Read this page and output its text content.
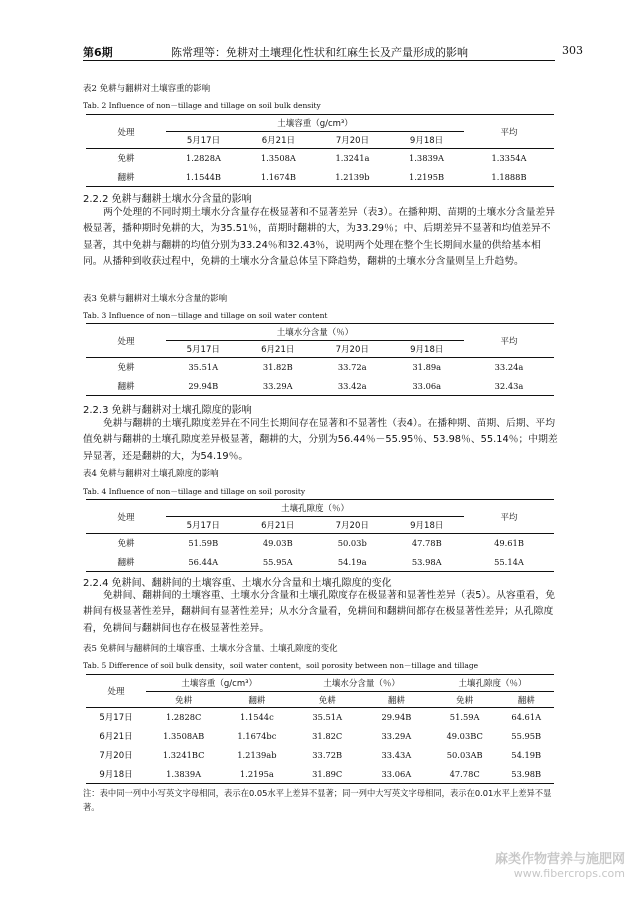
第6期	陈常理等：免耕对土壤理化性状和红麻生长及产量形成的影响	303
表2 免耕与翻耕对土壤容重的影响
Tab. 2 Influence of non－tillage and tillage on soil bulk density
处理	土壤容重（g/cm³）				平均
	5月17日	6月21日	7月20日	9月18日	
免耕	1.2828A	1.3508A	1.3241a	1.3839A	1.3354A
翻耕	1.1544B	1.1674B	1.2139b	1.2195B	1.1888B
2.2.2 免耕与翻耕土壤水分含量的影响
两个处理的不同时期土壤水分含量存在极显著和不显著差异（表3）。在播种期、苗期的土壤水分含量差异极显著，播种期时免耕的大，为35.51％，苗期时翻耕的大，为33.29％；中、后期差异不显著和均值差异不显著，其中免耕与翻耕的均值分别为33.24％和32.43％，说明两个处理在整个生长期间水量的供给基本相同。从播种到收获过程中，免耕的土壤水分含量总体呈下降趋势，翻耕的土壤水分含量则呈上升趋势。
表3 免耕与翻耕对土壤水分含量的影响
Tab. 3 Influence of non－tillage and tillage on soil water content
处理	土壤水分含量（％）				平均
	5月17日	6月21日	7月20日	9月18日	
免耕	35.51A	31.82B	33.72a	31.89a	33.24a
翻耕	29.94B	33.29A	33.42a	33.06a	32.43a
2.2.3 免耕与翻耕对土壤孔隙度的影响
免耕与翻耕的土壤孔隙度差异在不同生长期间存在显著和不显著性（表4）。在播种期、苗期、后期、平均值免耕与翻耕的土壤孔隙度差异极显著，翻耕的大，分别为56.44％－55.95％、53.98％、55.14％；中期差异显著，还是翻耕的大，为54.19％。
表4 免耕与翻耕对土壤孔隙度的影响
Tab. 4 Influence of non－tillage and tillage on soil porosity
处理	土壤孔隙度（％）				平均
	5月17日	6月21日	7月20日	9月18日	
免耕	51.59B	49.03B	50.03b	47.78B	49.61B
翻耕	56.44A	55.95A	54.19a	53.98A	55.14A
2.2.4 免耕间、翻耕间的土壤容重、土壤水分含量和土壤孔隙度的变化
免耕间、翻耕间的土壤容重、土壤水分含量和土壤孔隙度存在极显著和显著性差异（表5）。从容重看，免耕间有极显著性差异，翻耕间有显著性差异；从水分含量看，免耕间和翻耕间都存在极显著性差异；从孔隙度看，免耕间与翻耕间也存在极显著性差异。
表5 免耕间与翻耕间的土壤容重、土壤水分含量、土壤孔隙度的变化
Tab. 5 Difference of soil bulk density，soil water content，soil porosity between non－tillage and tillage
处理	土壤容重（g/cm³）		土壤水分含量（％）		土壤孔隙度（％）	
	免耕	翻耕	免耕	翻耕	免耕	翻耕
5月17日	1.2828C	1.1544c	35.51A	29.94B	51.59A	64.61A
6月21日	1.3508AB	1.1674bc	31.82C	33.29A	49.03BC	55.95B
7月20日	1.3241BC	1.2139ab	33.72B	33.43A	50.03AB	54.19B
9月18日	1.3839A	1.2195a	31.89C	33.06A	47.78C	53.98B
注：表中同一列中小写英文字母相同，表示在0.05水平上差异不显著；同一列中大写英文字母相同，表示在0.01水平上差异不显著。
麻类作物营养与施肥网
www.fibercrops.com
